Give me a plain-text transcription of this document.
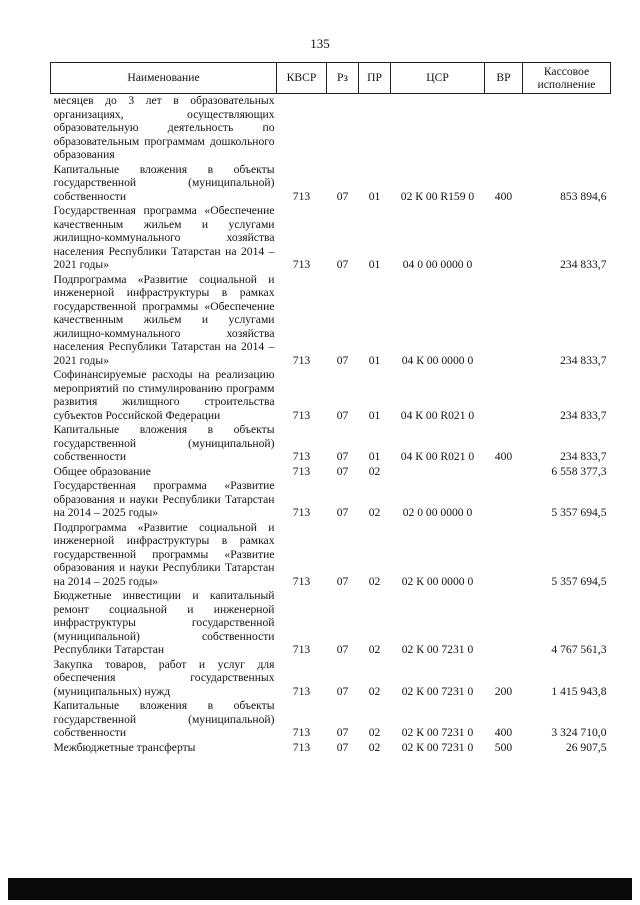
135
Наименование	КВСР	Рз	ПР	ЦСР	ВР	Кассовое исполнение
месяцев до 3 лет в образовательных организациях, осуществляющих образовательную деятельность по образовательным программам дошкольного образования						
Капитальные вложения в объекты государственной (муниципальной) собственности	713	07	01	02 К 00 R159 0	400	853 894,6
Государственная программа «Обеспечение качественным жильем и услугами жилищно-коммунального хозяйства населения Республики Татарстан на 2014 – 2021 годы»	713	07	01	04 0 00 0000 0		234 833,7
Подпрограмма «Развитие социальной и инженерной инфраструктуры в рамках государственной программы «Обеспечение качественным жильем и услугами жилищно-коммунального хозяйства населения Республики Татарстан на 2014 – 2021 годы»	713	07	01	04 К 00 0000 0		234 833,7
Софинансируемые расходы на реализацию мероприятий по стимулированию программ развития жилищного строительства субъектов Российской Федерации	713	07	01	04 К 00 R021 0		234 833,7
Капитальные вложения в объекты государственной (муниципальной) собственности	713	07	01	04 К 00 R021 0	400	234 833,7
Общее образование	713	07	02			6 558 377,3
Государственная программа «Развитие образования и науки Республики Татарстан на 2014 – 2025 годы»	713	07	02	02 0 00 0000 0		5 357 694,5
Подпрограмма «Развитие социальной и инженерной инфраструктуры в рамках государственной программы «Развитие образования и науки Республики Татарстан на 2014 – 2025 годы»	713	07	02	02 К 00 0000 0		5 357 694,5
Бюджетные инвестиции и капитальный ремонт социальной и инженерной инфраструктуры государственной (муниципальной) собственности Республики Татарстан	713	07	02	02 К 00 7231 0		4 767 561,3
Закупка товаров, работ и услуг для обеспечения государственных (муниципальных) нужд	713	07	02	02 К 00 7231 0	200	1 415 943,8
Капитальные вложения в объекты государственной (муниципальной) собственности	713	07	02	02 К 00 7231 0	400	3 324 710,0
Межбюджетные трансферты	713	07	02	02 К 00 7231 0	500	26 907,5
